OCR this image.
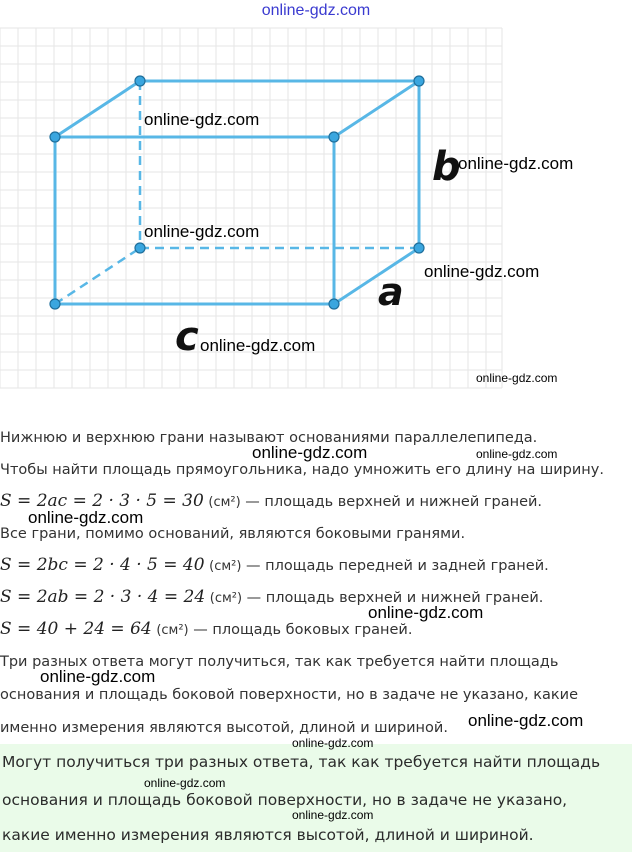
online-gdz.com
b
a
c
online-gdz.com
online-gdz.com
online-gdz.com
online-gdz.com
online-gdz.com
online-gdz.com
Нижнюю и верхнюю грани называют основаниями параллелепипеда.
Чтобы найти площадь прямоугольника, надо умножить его длину на ширину.
S = 2ac = 2 · 3 · 5 = 30 (см²) — площадь верхней и нижней граней.
Все грани, помимо оснований, являются боковыми гранями.
S = 2bc = 2 · 4 · 5 = 40 (см²) — площадь передней и задней граней.
S = 2ab = 2 · 3 · 4 = 24 (см²) — площадь верхней и нижней граней.
S = 40 + 24 = 64 (см²) — площадь боковых граней.
Три разных ответа могут получиться, так как требуется найти площадь
основания и площадь боковой поверхности, но в задаче не указано, какие
именно измерения являются высотой, длиной и шириной.
online-gdz.com	online-gdz.com
online-gdz.com
online-gdz.com
online-gdz.com
online-gdz.com
Могут получиться три разных ответа, так как требуется найти площадь
основания и площадь боковой поверхности, но в задаче не указано,
какие именно измерения являются высотой, длиной и шириной.
online-gdz.com
online-gdz.com
online-gdz.com
